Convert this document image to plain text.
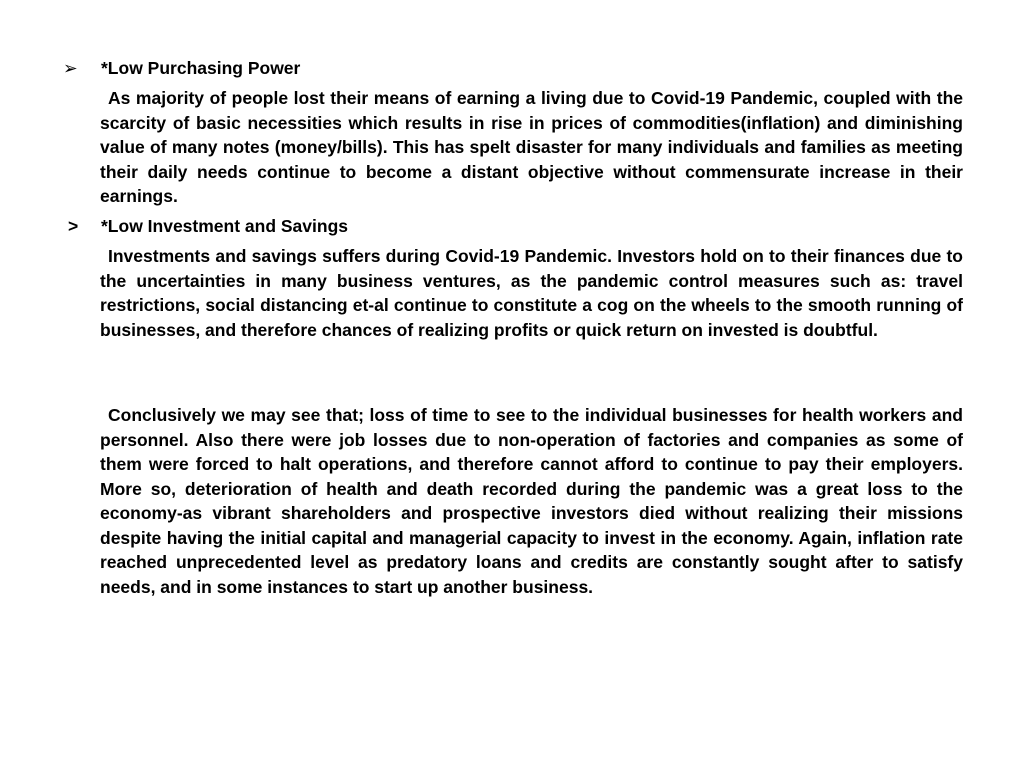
➢	*Low Purchasing Power

As majority of people lost their means of earning a living due to Covid-19 Pandemic, coupled with the scarcity of basic necessities which results in rise in prices of commodities(inflation) and diminishing value of many notes (money/bills). This has spelt disaster for many individuals and families as meeting their daily needs continue to become a distant objective without commensurate increase in their earnings.

>	*Low Investment and Savings

Investments and savings suffers during Covid-19 Pandemic. Investors hold on to their finances due to the uncertainties in many business ventures, as the pandemic control measures such as: travel restrictions, social distancing et-al continue to constitute a cog on the wheels to the smooth running of businesses, and therefore chances of realizing profits or quick return on invested is doubtful.

Conclusively we may see that; loss of time to see to the individual businesses for health workers and personnel. Also there were job losses due to non-operation of factories and companies as some of them were forced to halt operations, and therefore cannot afford to continue to pay their employers. More so, deterioration of health and death recorded during the pandemic was a great loss to the economy-as vibrant shareholders and prospective investors died without realizing their missions despite having the initial capital and managerial capacity to invest in the economy. Again, inflation rate reached unprecedented level as predatory loans and credits are constantly sought after to satisfy needs, and in some instances to start up another business.
